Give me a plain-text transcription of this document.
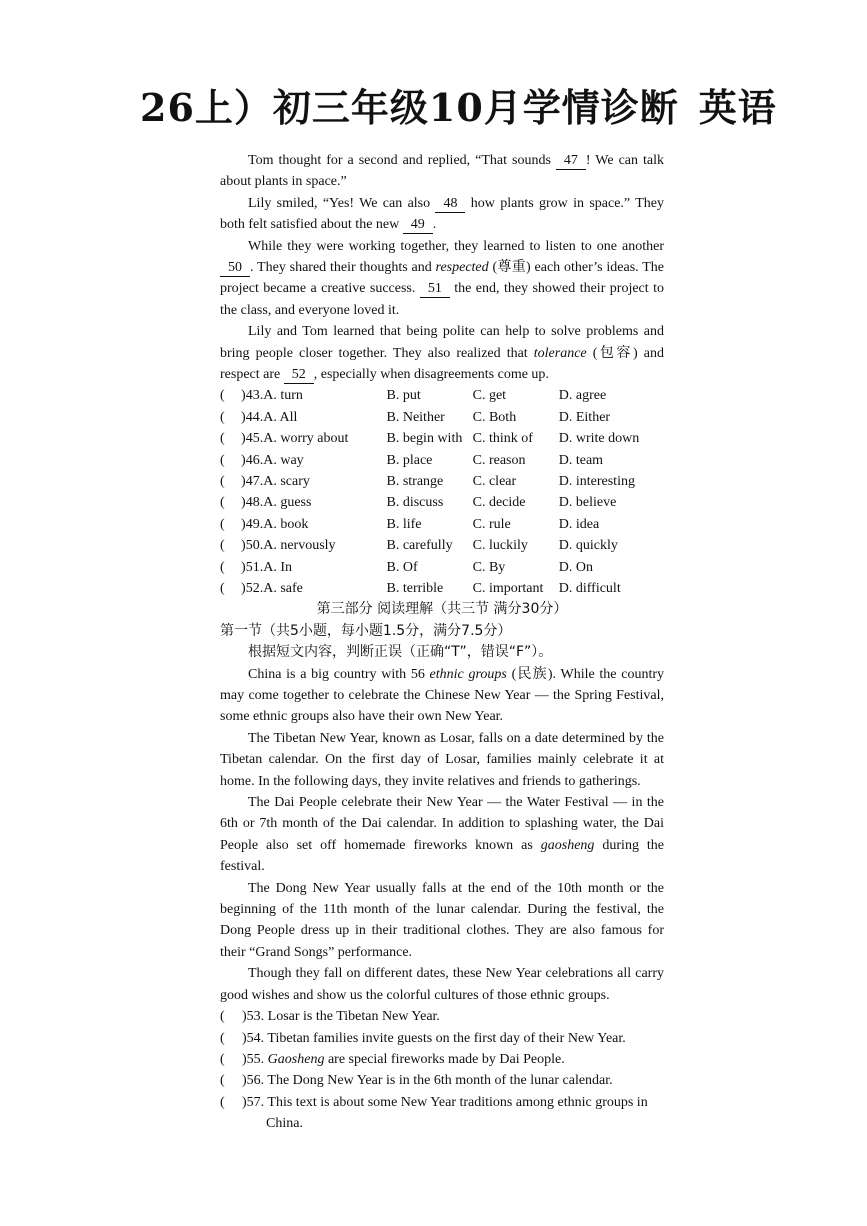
26上）初三年级10月学情诊断 英语

Tom thought for a second and replied, “That sounds 47 ! We can talk about plants in space.”

Lily smiled, “Yes! We can also 48 how plants grow in space.” They both felt satisfied about the new 49 .

While they were working together, they learned to listen to one another 50 . They shared their thoughts and respected (尊重) each other’s ideas. The project became a creative success. 51 the end, they showed their project to the class, and everyone loved it.

Lily and Tom learned that being polite can help to solve problems and bring people closer together. They also realized that tolerance (包容) and respect are 52 , especially when disagreements come up.

(	)43. A. turn	B. put	C. get	D. agree
(	)44. A. All	B. Neither	C. Both	D. Either
(	)45. A. worry about	B. begin with C. think of	D. write down
(	)46. A. way	B. place	C. reason	D. team
(	)47. A. scary	B. strange	C. clear	D. interesting
(	)48. A. guess	B. discuss	C. decide	D. believe
(	)49. A. book	B. life	C. rule	D. idea
(	)50. A. nervously	B. carefully	C. luckily	D. quickly
(	)51. A. In	B. Of	C. By	D. On
(	)52. A. safe	B. terrible	C. important	D. difficult
第三部分 阅读理解（共三节 满分30分）
第一节（共5小题，每小题1.5分，满分7.5分）
根据短文内容，判断正误（正确“T”，错误“F”）。

China is a big country with 56 ethnic groups (民族). While the country may come together to celebrate the Chinese New Year — the Spring Festival, some ethnic groups also have their own New Year.

The Tibetan New Year, known as Losar, falls on a date determined by the Tibetan calendar. On the first day of Losar, families mainly celebrate it at home. In the following days, they invite relatives and friends to gatherings.

The Dai People celebrate their New Year — the Water Festival — in the 6th or 7th month of the Dai calendar. In addition to splashing water, the Dai People also set off homemade fireworks known as gaosheng during the festival.

The Dong New Year usually falls at the end of the 10th month or the beginning of the 11th month of the lunar calendar. During the festival, the Dong People dress up in their traditional clothes. They are also famous for their “Grand Songs” performance.

Though they fall on different dates, these New Year celebrations all carry good wishes and show us the colorful cultures of those ethnic groups.

(	)53. Losar is the Tibetan New Year.
(	)54. Tibetan families invite guests on the first day of their New Year.
(	)55. Gaosheng are special fireworks made by Dai People.
(	)56. The Dong New Year is in the 6th month of the lunar calendar.
(	)57. This text is about some New Year traditions among ethnic groups in
China.
